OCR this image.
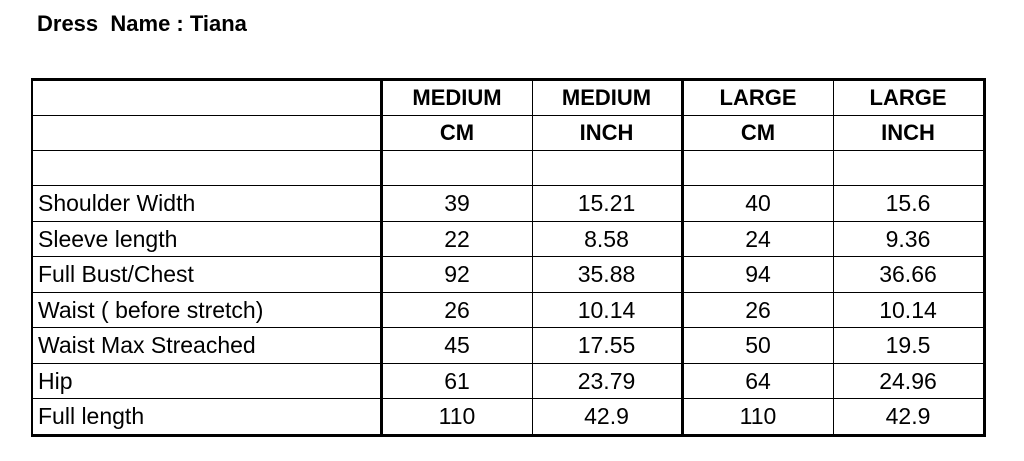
Dress  Name : Tiana
	MEDIUM	MEDIUM	LARGE	LARGE
	CM	INCH	CM	INCH

Shoulder Width	39	15.21	40	15.6
Sleeve length	22	8.58	24	9.36
Full Bust/Chest	92	35.88	94	36.66
Waist ( before stretch)	26	10.14	26	10.14
Waist Max Streached	45	17.55	50	19.5
Hip	61	23.79	64	24.96
Full length	110	42.9	110	42.9
